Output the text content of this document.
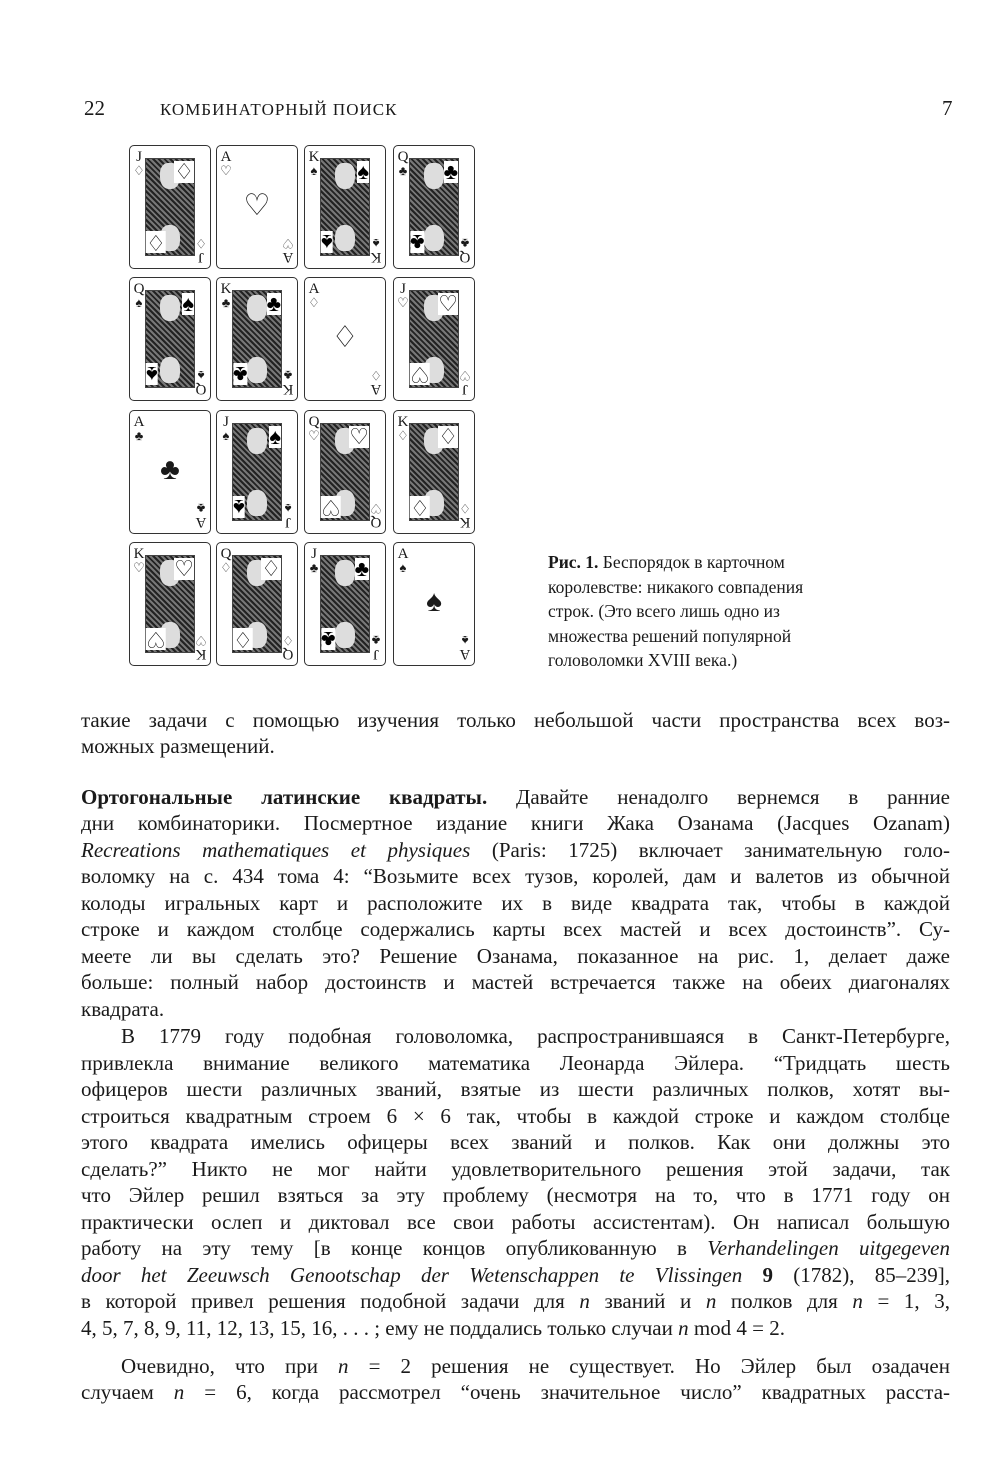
22	КОМБИНАТОРНЫЙ ПОИСК	7
♢
♢
J
♢
J
♢
♡
A
♡
A
♡
♠
♠
K
♠
K
♠
♣
♣
Q
♣
Q
♣
♠
♠
Q
♠
Q
♠
♣
♣
K
♣
K
♣
♢
A
♢
A
♢
♡
♡
J
♡
J
♡
♣
A
♣
A
♣
♠
♠
J
♠
J
♠
♡
♡
Q
♡
Q
♡
♢
♢
K
♢
K
♢
♡
♡
K
♡
K
♡
♢
♢
Q
♢
Q
♢
♣
♣
J
♣
J
♣
♠
A
♠
A
♠
Рис. 1. Беспорядок в карточном
королевстве: никакого совпадения
строк. (Это всего лишь одно из
множества решений популярной
головоломки XVIII века.)
такие задачи с помощью изучения только небольшой части пространства всех воз-
можных размещений.
Ортогональные латинские квадраты. Давайте ненадолго вернемся в ранние
дни комбинаторики. Посмертное издание книги Жака Озанама (Jacques Ozanam)
Recreations mathematiques et physiques (Paris: 1725) включает занимательную голо-
воломку на с. 434 тома 4: “Возьмите всех тузов, королей, дам и валетов из обычной
колоды игральных карт и расположите их в виде квадрата так, чтобы в каждой
строке и каждом столбце содержались карты всех мастей и всех достоинств”. Су-
меете ли вы сделать это? Решение Озанама, показанное на рис. 1, делает даже
больше: полный набор достоинств и мастей встречается также на обеих диагоналях
квадрата.
В 1779 году подобная головоломка, распространившаяся в Санкт-Петербурге,
привлекла внимание великого математика Леонарда Эйлера. “Тридцать шесть
офицеров шести различных званий, взятые из шести различных полков, хотят вы-
строиться квадратным строем 6 × 6 так, чтобы в каждой строке и каждом столбце
этого квадрата имелись офицеры всех званий и полков. Как они должны это
сделать?” Никто не мог найти удовлетворительного решения этой задачи, так
что Эйлер решил взяться за эту проблему (несмотря на то, что в 1771 году он
практически ослеп и диктовал все свои работы ассистентам). Он написал большую
работу на эту тему [в конце концов опубликованную в Verhandelingen uitgegeven
door het Zeeuwsch Genootschap der Wetenschappen te Vlissingen 9 (1782), 85–239],
в которой привел решения подобной задачи для n званий и n полков для n = 1, 3,
4, 5, 7, 8, 9, 11, 12, 13, 15, 16, . . . ; ему не поддались только случаи n mod 4 = 2.
Очевидно, что при n = 2 решения не существует. Но Эйлер был озадачен
случаем n = 6, когда рассмотрел “очень значительное число” квадратных расста-
